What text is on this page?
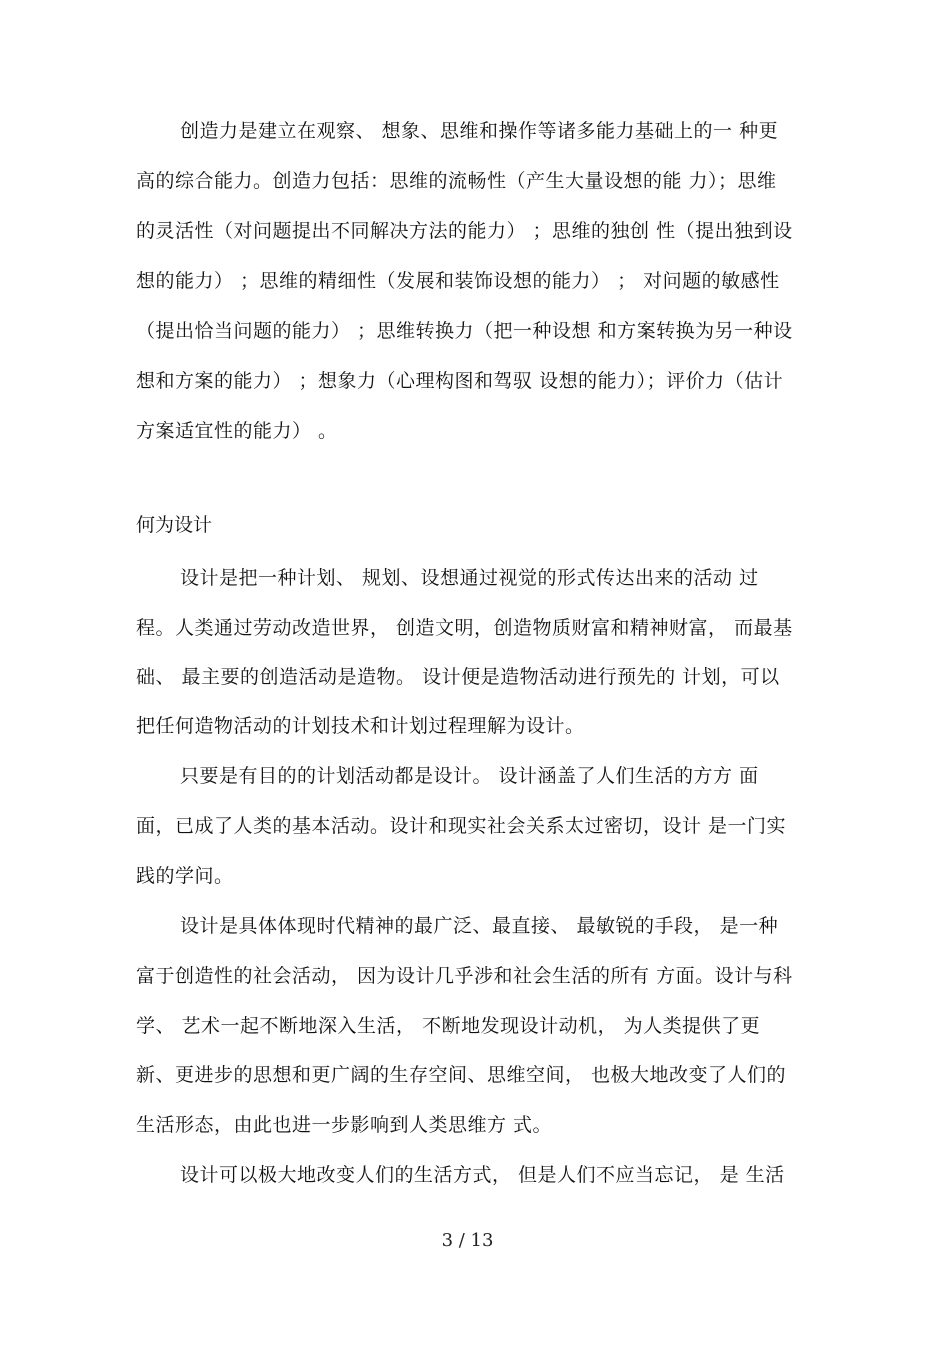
创造力是建立在观察、 想象、思维和操作等诸多能力基础上的一 种更
高的综合能力。创造力包括：思维的流畅性（产生大量设想的能 力）；思维
的灵活性（对问题提出不同解决方法的能力） ；思维的独创 性（提出独到设
想的能力） ；思维的精细性（发展和装饰设想的能力） ； 对问题的敏感性
（提出恰当问题的能力） ；思维转换力（把一种设想 和方案转换为另一种设
想和方案的能力） ；想象力（心理构图和驾驭 设想的能力）；评价力（估计
方案适宜性的能力） 。
何为设计
设计是把一种计划、 规划、设想通过视觉的形式传达出来的活动 过
程。人类通过劳动改造世界， 创造文明，创造物质财富和精神财富， 而最基
础、 最主要的创造活动是造物。 设计便是造物活动进行预先的 计划，可以
把任何造物活动的计划技术和计划过程理解为设计。
只要是有目的的计划活动都是设计。 设计涵盖了人们生活的方方 面
面，已成了人类的基本活动。设计和现实社会关系太过密切，设计 是一门实
践的学问。
设计是具体体现时代精神的最广泛、最直接、 最敏锐的手段， 是一种
富于创造性的社会活动， 因为设计几乎涉和社会生活的所有 方面。设计与科
学、 艺术一起不断地深入生活， 不断地发现设计动机， 为人类提供了更
新、更进步的思想和更广阔的生存空间、思维空间， 也极大地改变了人们的
生活形态，由此也进一步影响到人类思维方 式。
设计可以极大地改变人们的生活方式， 但是人们不应当忘记， 是 生活
3 / 13
